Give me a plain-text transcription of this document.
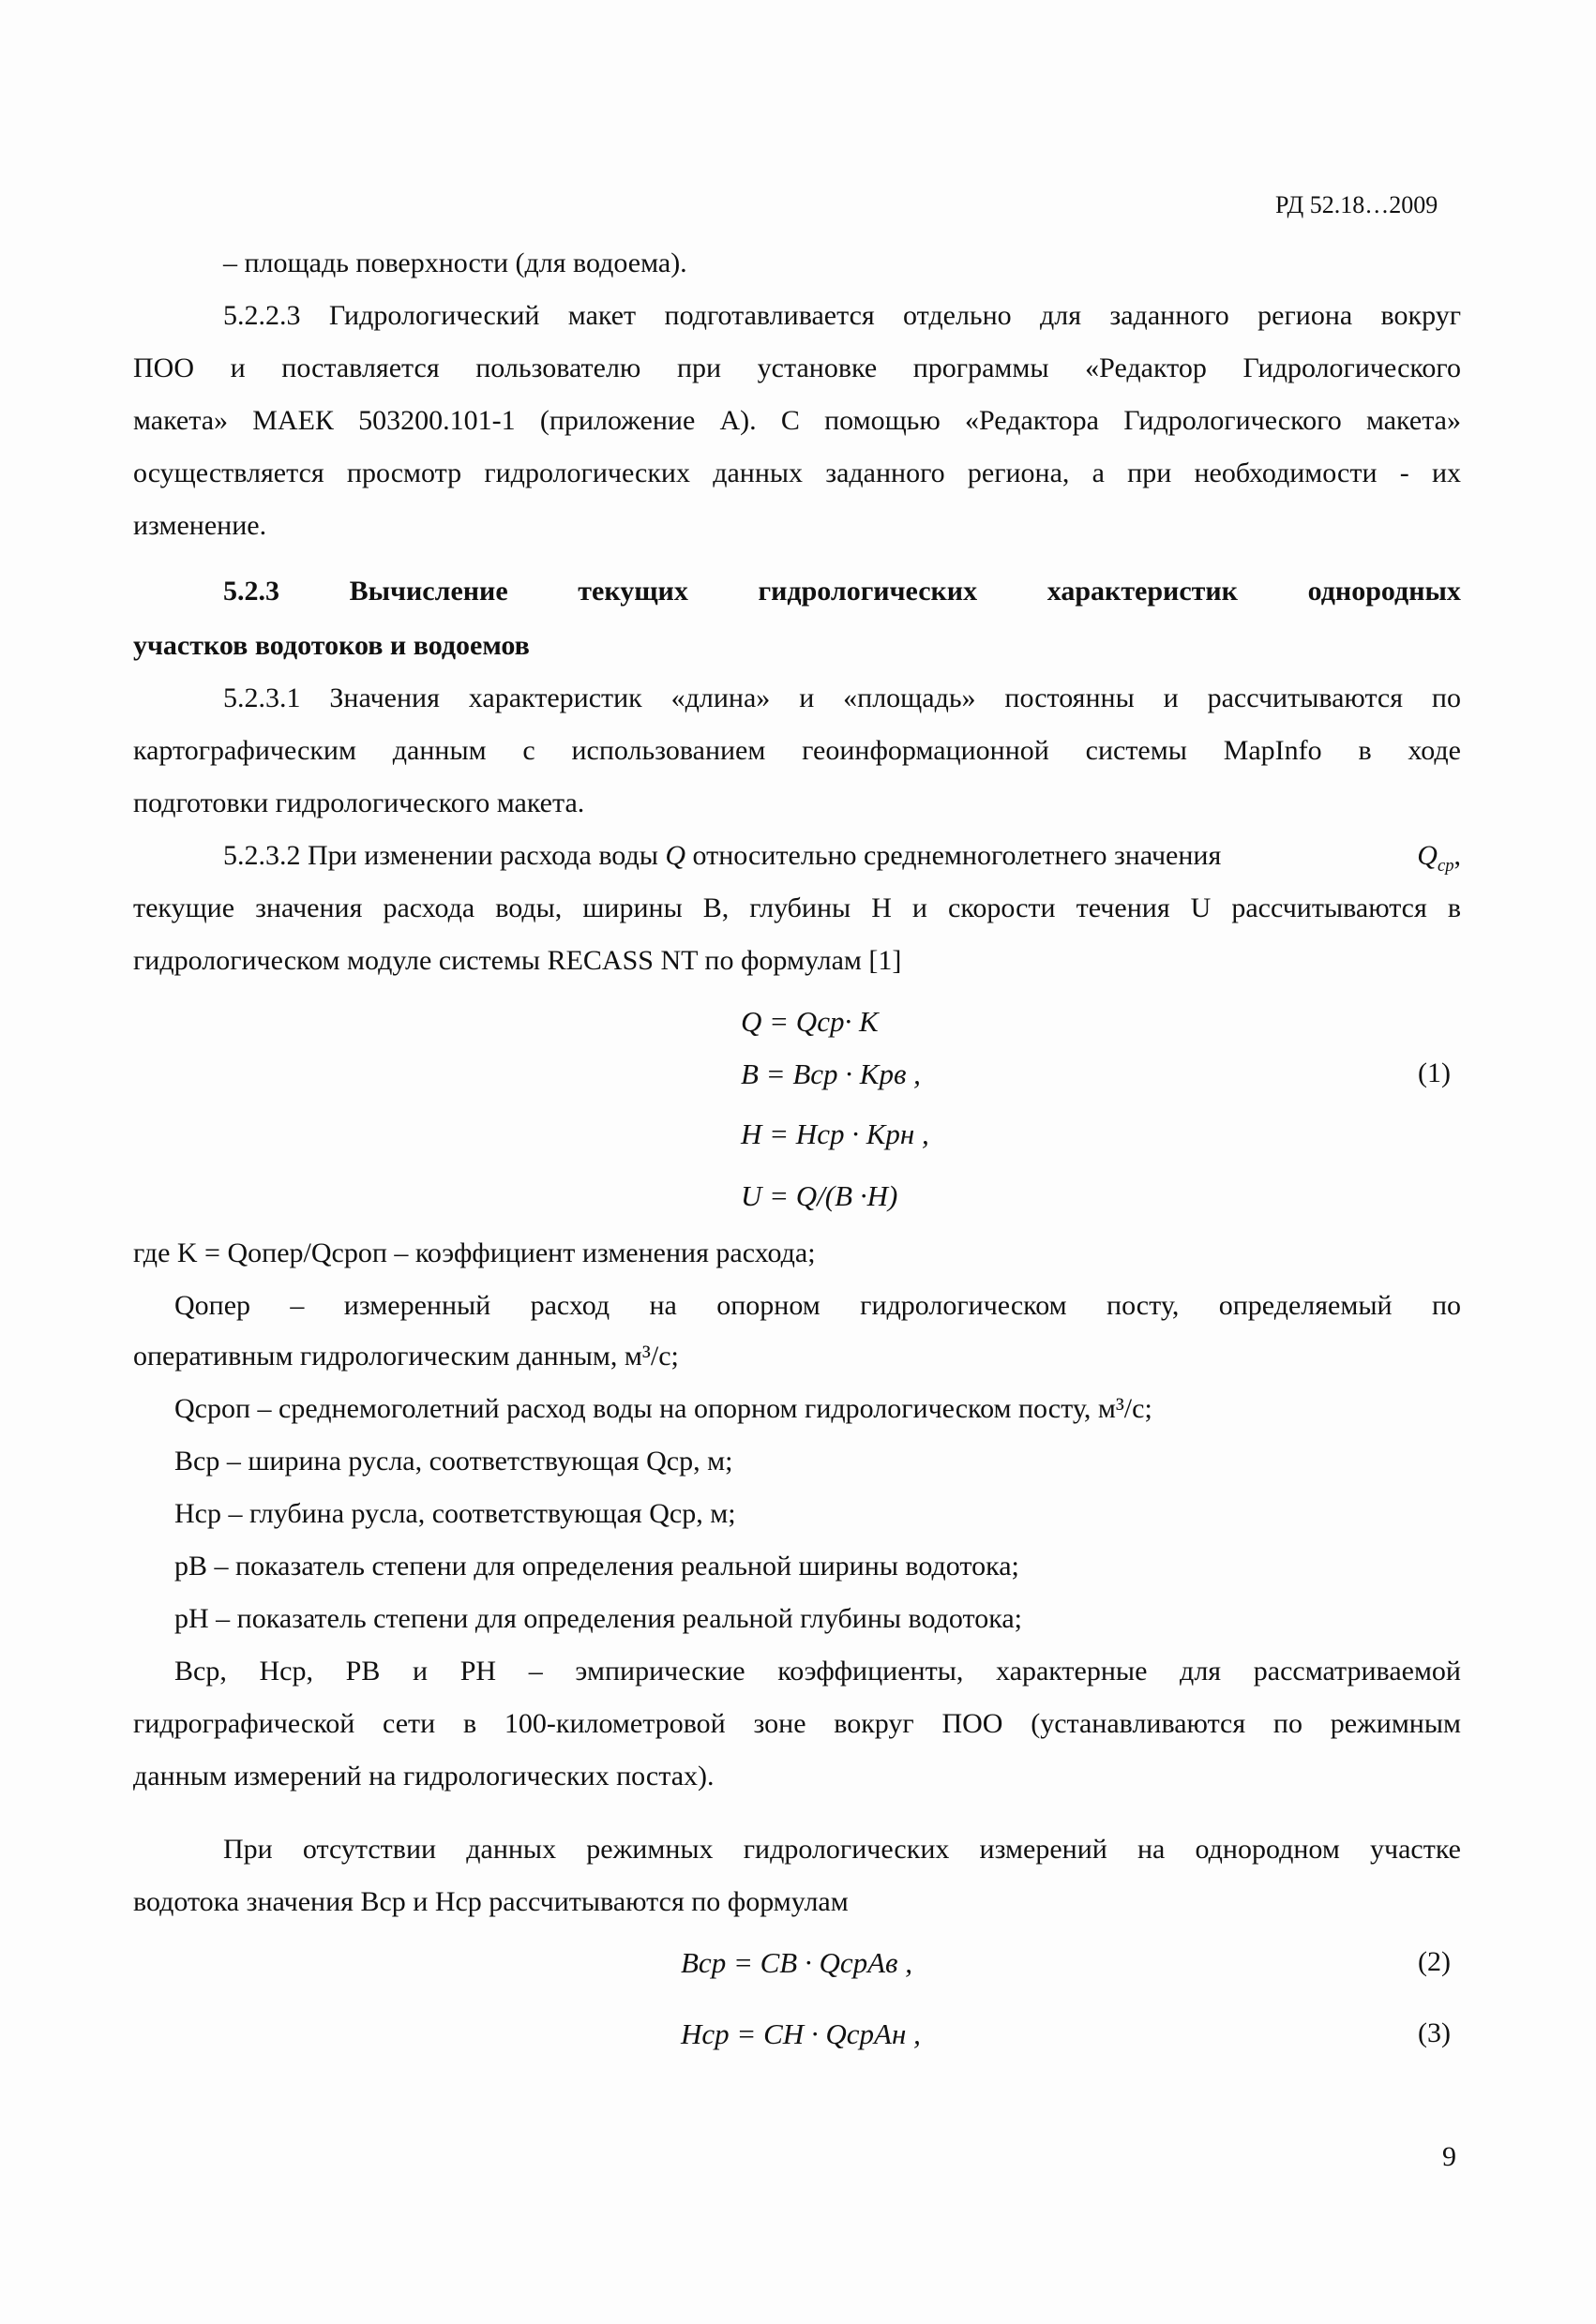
РД 52.18…2009
– площадь поверхности (для водоема).
5.2.2.3 Гидрологический макет подготавливается отдельно для заданного региона вокруг
ПОО и поставляется пользователю при установке программы «Редактор Гидрологического
макета» МАЕК 503200.101-1 (приложение А). С помощью «Редактора Гидрологического макета»
осуществляется просмотр гидрологических данных заданного региона, а при необходимости - их
изменение.
5.2.3 Вычисление текущих гидрологических характеристик однородных
участков водотоков и водоемов
5.2.3.1 Значения характеристик «длина» и «площадь» постоянны и рассчитываются по
картографическим данным с использованием геоинформационной системы MapInfo в ходе
подготовки гидрологического макета.
5.2.3.2 При изменении расхода воды Q относительно среднемноголетнего значения	$Q_{ср}$,
текущие значения расхода воды, ширины B, глубины H и скорости течения U рассчитываются в
гидрологическом модуле системы RECASS NT по формулам [1]
Q = Qср· K
B = Bср · Kpв ,	(1)
H = Hср · Kpн ,
U = Q/(B ·H)
где K = Qопер/Qсроп – коэффициент изменения расхода;
Qопер – измеренный расход на опорном гидрологическом посту, определяемый по
оперативным гидрологическим данным, м³/с;
Qсроп – среднемоголетний расход воды на опорном гидрологическом посту, м³/с;
Bср – ширина русла, соответствующая Qср, м;
Hср – глубина русла, соответствующая Qср, м;
pB – показатель степени для определения реальной ширины водотока;
pH – показатель степени для определения реальной глубины водотока;
Bср, Hср, PB и PH – эмпирические коэффициенты, характерные для рассматриваемой
гидрографической сети в 100-километровой зоне вокруг ПОО (устанавливаются по режимным
данным измерений на гидрологических постах).
При отсутствии данных режимных гидрологических измерений на однородном участке
водотока значения Bср и Hср рассчитываются по формулам
Bср = CB · QсрAв ,	(2)
Hср = CH · QсрAн ,	(3)
9
